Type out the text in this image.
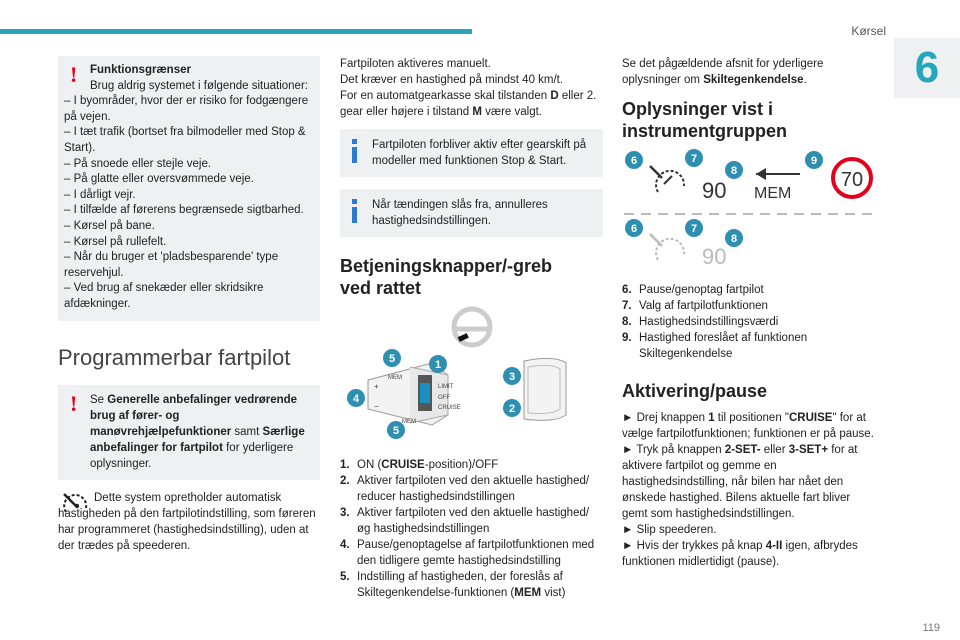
Kørsel
6
119
! Funktionsgrænser
Brug aldrig systemet i følgende situationer:
– I byområder, hvor der er risiko for fodgængere på vejen.
– I tæt trafik (bortset fra bilmodeller med Stop & Start).
– På snoede eller stejle veje.
– På glatte eller oversvømmede veje.
– I dårligt vejr.
– I tilfælde af førerens begrænsede sigtbarhed.
– Kørsel på bane.
– Kørsel på rullefelt.
– Når du bruger et 'pladsbesparende' type reservehjul.
– Ved brug af snekæder eller skridsikre afdækninger.
Programmerbar fartpilot
! Se Generelle anbefalinger vedrørende brug af fører- og manøvrehjælpefunktioner samt Særlige anbefalinger for fartpilot for yderligere oplysninger.

Dette system opretholder automatisk hastigheden på den fartpilotindstilling, som føreren har programmeret (hastighedsindstilling), uden at der trædes på speederen.

Fartpiloten aktiveres manuelt.
Det kræver en hastighed på mindst 40 km/t.
For en automatgearkasse skal tilstanden D eller 2. gear eller højere i tilstand M være valgt.

Fartpiloten forbliver aktiv efter gearskift på modeller med funktionen Stop & Start.

Når tændingen slås fra, annulleres hastighedsindstillingen.

Betjeningsknapper/-greb ved rattet
MEM
+
−
MEM
LIMIT
OFF
CRUISE
5	1
3
4
2
5
1. ON (CRUISE-position)/OFF
2. Aktiver fartpiloten ved den aktuelle hastighed/ reducer hastighedsindstillingen
3. Aktiver fartpiloten ved den aktuelle hastighed/ øg hastighedsindstillingen
4. Pause/genoptagelse af fartpilotfunktionen med den tidligere gemte hastighedsindstilling
5. Indstilling af hastigheden, der foreslås af Skiltegenkendelse-funktionen (MEM vist)

Se det pågældende afsnit for yderligere oplysninger om Skiltegenkendelse.

Oplysninger vist i instrumentgruppen
90 MEM
70
90
6	7
8
9
6	7
8
6. Pause/genoptag fartpilot
7. Valg af fartpilotfunktionen
8. Hastighedsindstillingsværdi
9. Hastighed foreslået af funktionen Skiltegenkendelse
Aktivering/pause

► Drej knappen 1 til positionen "CRUISE" for at vælge fartpilotfunktionen; funktionen er på pause.

► Tryk på knappen 2-SET- eller 3-SET+ for at aktivere fartpilot og gemme en hastighedsindstilling, når bilen har nået den ønskede hastighed. Bilens aktuelle fart bliver gemt som hastighedsindstillingen.

► Slip speederen.

► Hvis der trykkes på knap 4-II igen, afbrydes funktionen midlertidigt (pause).
